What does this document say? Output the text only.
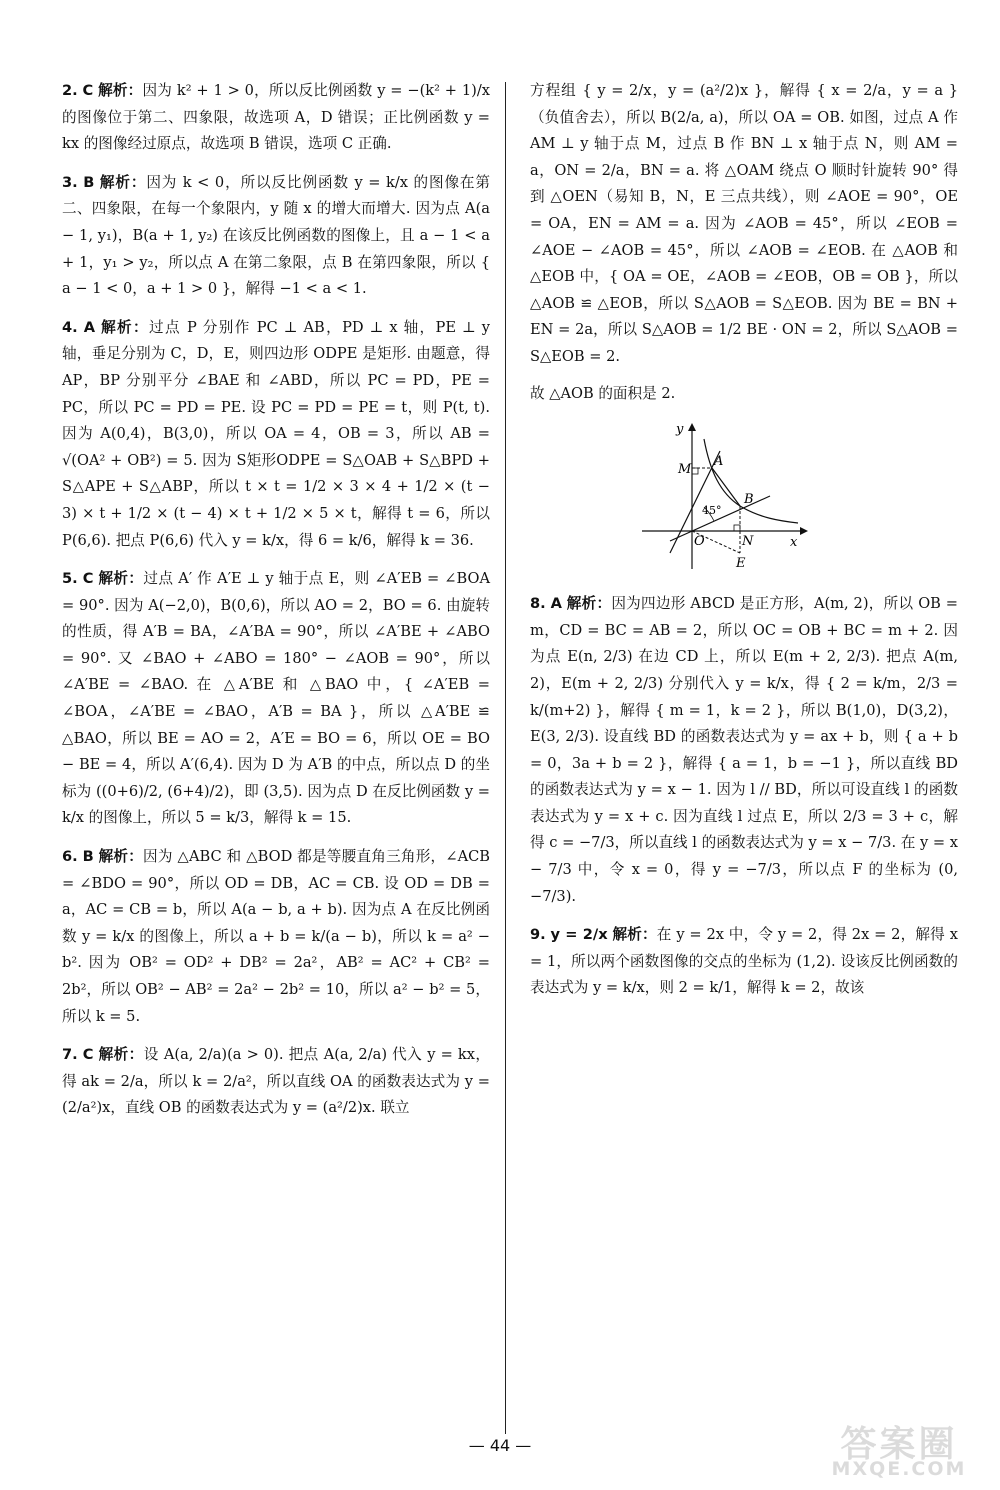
2. C 解析：因为 k² + 1 > 0，所以反比例函数 y = −(k² + 1)/x 的图像位于第二、四象限，故选项 A，D 错误；正比例函数 y = kx 的图像经过原点，故选项 B 错误，选项 C 正确.
3. B 解析：因为 k < 0，所以反比例函数 y = k/x 的图像在第二、四象限，在每一个象限内，y 随 x 的增大而增大. 因为点 A(a − 1, y₁)，B(a + 1, y₂) 在该反比例函数的图像上，且 a − 1 < a + 1，y₁ > y₂，所以点 A 在第二象限，点 B 在第四象限，所以 { a − 1 < 0，a + 1 > 0 }，解得 −1 < a < 1.
4. A 解析：过点 P 分别作 PC ⊥ AB，PD ⊥ x 轴，PE ⊥ y 轴，垂足分别为 C，D，E，则四边形 ODPE 是矩形. 由题意，得 AP，BP 分别平分 ∠BAE 和 ∠ABD，所以 PC = PD，PE = PC，所以 PC = PD = PE. 设 PC = PD = PE = t，则 P(t, t). 因为 A(0,4)，B(3,0)，所以 OA = 4，OB = 3，所以 AB = √(OA² + OB²) = 5. 因为 S矩形ODPE = S△OAB + S△BPD + S△APE + S△ABP，所以 t × t = 1/2 × 3 × 4 + 1/2 × (t − 3) × t + 1/2 × (t − 4) × t + 1/2 × 5 × t，解得 t = 6，所以 P(6,6). 把点 P(6,6) 代入 y = k/x，得 6 = k/6，解得 k = 36.
5. C 解析：过点 A′ 作 A′E ⊥ y 轴于点 E，则 ∠A′EB = ∠BOA = 90°. 因为 A(−2,0)，B(0,6)，所以 AO = 2，BO = 6. 由旋转的性质，得 A′B = BA，∠A′BA = 90°，所以 ∠A′BE + ∠ABO = 90°. 又 ∠BAO + ∠ABO = 180° − ∠AOB = 90°，所以 ∠A′BE = ∠BAO. 在 △A′BE 和 △BAO 中，{ ∠A′EB = ∠BOA，∠A′BE = ∠BAO，A′B = BA }，所以 △A′BE ≌ △BAO，所以 BE = AO = 2，A′E = BO = 6，所以 OE = BO − BE = 4，所以 A′(6,4). 因为 D 为 A′B 的中点，所以点 D 的坐标为 ((0+6)/2, (6+4)/2)，即 (3,5). 因为点 D 在反比例函数 y = k/x 的图像上，所以 5 = k/3，解得 k = 15.
6. B 解析：因为 △ABC 和 △BOD 都是等腰直角三角形，∠ACB = ∠BDO = 90°，所以 OD = DB，AC = CB. 设 OD = DB = a，AC = CB = b，所以 A(a − b, a + b). 因为点 A 在反比例函数 y = k/x 的图像上，所以 a + b = k/(a − b)，所以 k = a² − b². 因为 OB² = OD² + DB² = 2a²，AB² = AC² + CB² = 2b²，所以 OB² − AB² = 2a² − 2b² = 10，所以 a² − b² = 5，所以 k = 5.
7. C 解析：设 A(a, 2/a)(a > 0). 把点 A(a, 2/a) 代入 y = kx，得 ak = 2/a，所以 k = 2/a²，所以直线 OA 的函数表达式为 y = (2/a²)x，直线 OB 的函数表达式为 y = (a²/2)x. 联立

方程组 { y = 2/x，y = (a²/2)x }，解得 { x = 2/a，y = a }（负值舍去），所以 B(2/a, a)，所以 OA = OB. 如图，过点 A 作 AM ⊥ y 轴于点 M，过点 B 作 BN ⊥ x 轴于点 N，则 AM = a，ON = 2/a，BN = a. 将 △OAM 绕点 O 顺时针旋转 90° 得到 △OEN（易知 B，N，E 三点共线），则 ∠AOE = 90°，OE = OA，EN = AM = a. 因为 ∠AOB = 45°，所以 ∠EOB = ∠AOE − ∠AOB = 45°，所以 ∠AOB = ∠EOB. 在 △AOB 和 △EOB 中，{ OA = OE，∠AOB = ∠EOB，OB = OB }，所以 △AOB ≌ △EOB，所以 S△AOB = S△EOB. 因为 BE = BN + EN = 2a，所以 S△AOB = 1/2 BE · ON = 2，所以 S△AOB = S△EOB = 2.

故 △AOB 的面积是 2.

y
x
O
M
A
B
N
E
45°
8. A 解析：因为四边形 ABCD 是正方形，A(m, 2)，所以 OB = m，CD = BC = AB = 2，所以 OC = OB + BC = m + 2. 因为点 E(n, 2/3) 在边 CD 上，所以 E(m + 2, 2/3). 把点 A(m, 2)，E(m + 2, 2/3) 分别代入 y = k/x，得 { 2 = k/m，2/3 = k/(m+2) }，解得 { m = 1，k = 2 }，所以 B(1,0)，D(3,2)，E(3, 2/3). 设直线 BD 的函数表达式为 y = ax + b，则 { a + b = 0，3a + b = 2 }，解得 { a = 1，b = −1 }，所以直线 BD 的函数表达式为 y = x − 1. 因为 l // BD，所以可设直线 l 的函数表达式为 y = x + c. 因为直线 l 过点 E，所以 2/3 = 3 + c，解得 c = −7/3，所以直线 l 的函数表达式为 y = x − 7/3. 在 y = x − 7/3 中，令 x = 0，得 y = −7/3，所以点 F 的坐标为 (0, −7/3).
9. y = 2/x 解析：在 y = 2x 中，令 y = 2，得 2x = 2，解得 x = 1，所以两个函数图像的交点的坐标为 (1,2). 设该反比例函数的表达式为 y = k/x，则 2 = k/1，解得 k = 2，故该
— 44 —	答案圈
MXQE.COM
